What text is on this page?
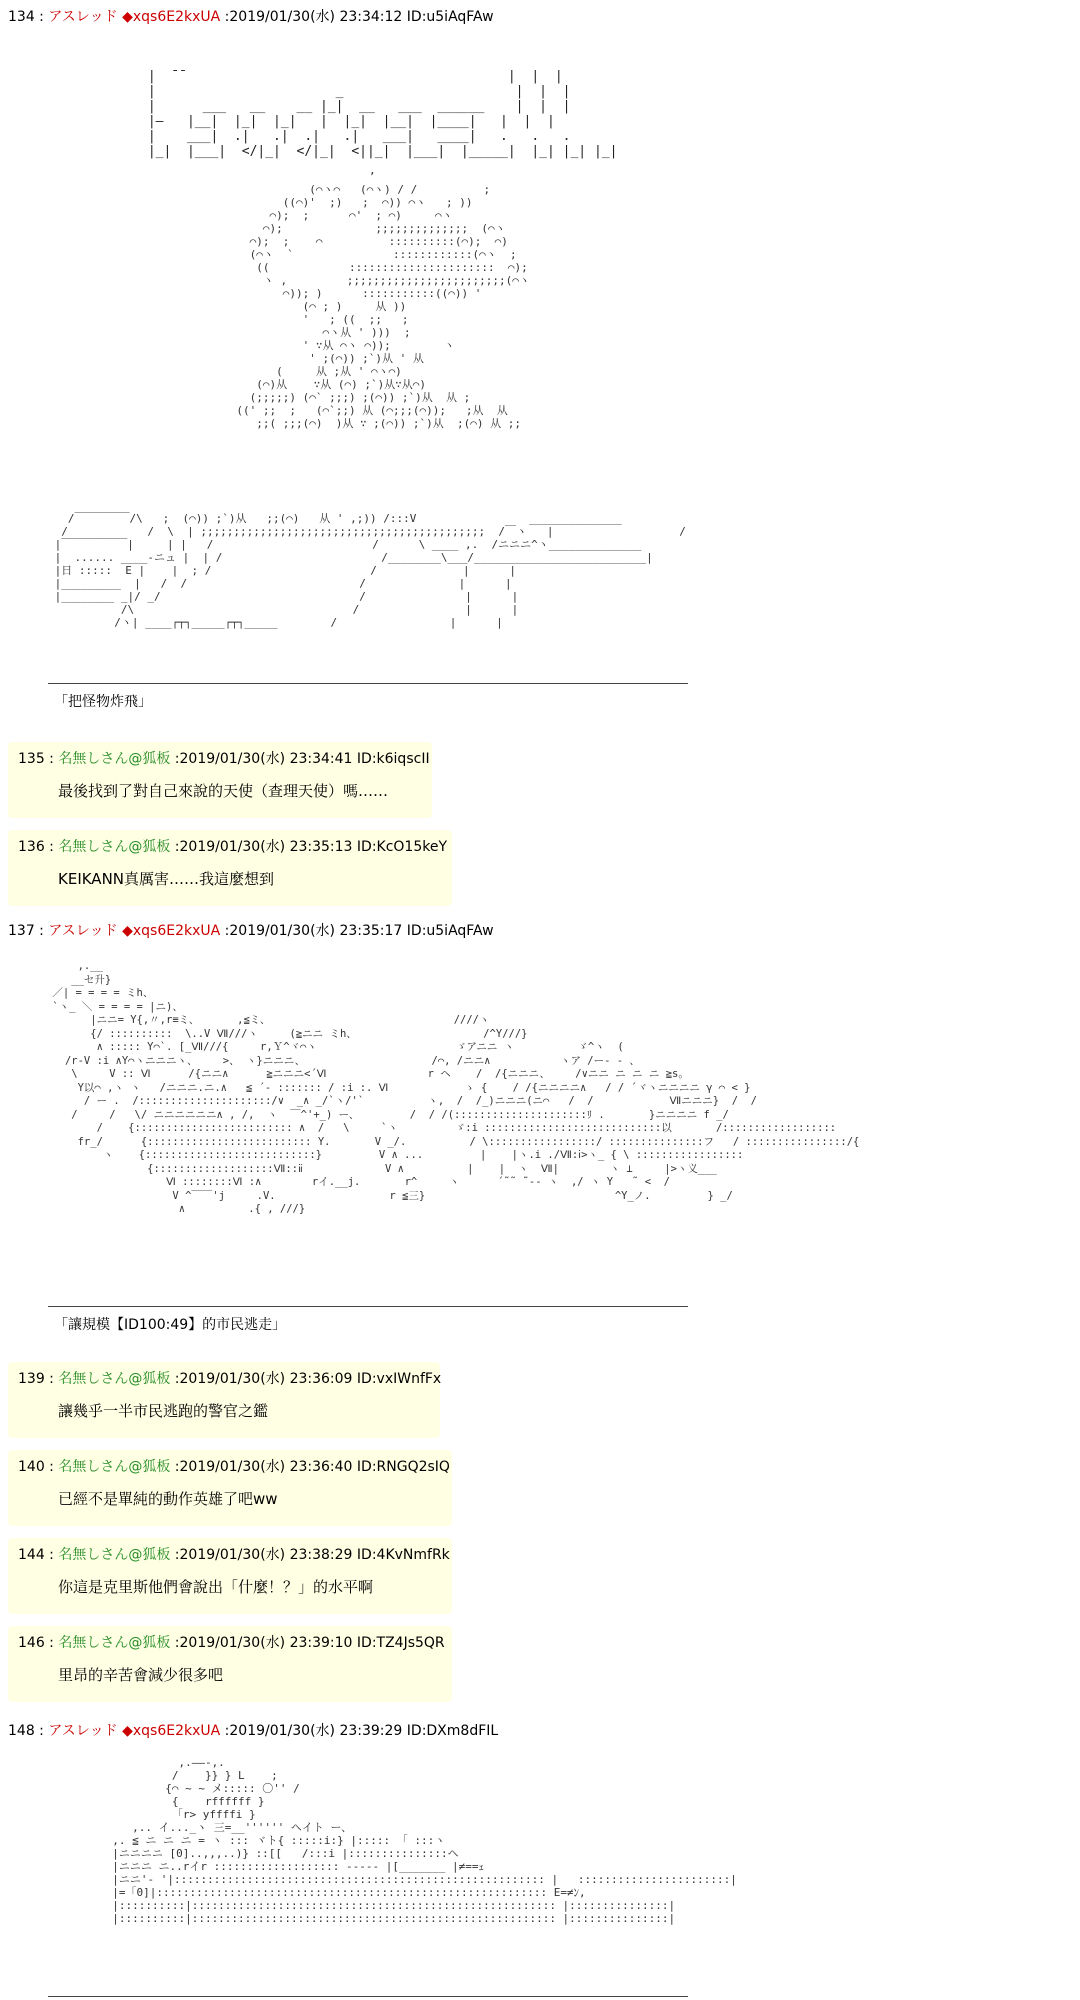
134 : アスレッド ◆xqs6E2kxUA :2019/01/30(水) 23:34:12 ID:u5iAqFAw
|  ̄ ̄                                          |  |  |
|                       _                      |  |  |
|      ___   __    __ |_|  __   ___  ______    |  |  |
|—   |__|  |_|  |_|   |  |_|  |__|  |____|   |  |  |
|    ___|  .|   .|  .|   .|   ___|   ____|   .   .   .
|_|  |___|  </|_|  </|_|  <||_|  |___|  |_____|  |_| |_| |_|
’
(⌒ヽ⌒   (⌒ヽ) / /          ;
((⌒)'  ;)   ;  ⌒)) ⌒ヽ   ; ))
⌒);  ;      ⌒'  ; ⌒)     ⌒ヽ
⌒);              ;;;;;;;;;;;;;;  (⌒ヽ
⌒);  ;    ⌒          ::::::::::(⌒);  ⌒)
(⌒ヽ  `               ::::::::::::(⌒ヽ  ;
((            ::::::::::::::::::::::  ⌒);
ヽ ,         ;;;;;;;;;;;;;;;;;;;;;;;;(⌒ヽ
⌒)); )      :::::::::::((⌒)) '
(⌒ ; )     从 ))
'   ; ((  ;;   ;
⌒ヽ从 ' )))  ;
' ∵从 ⌒ヽ ⌒));        ヽ
' ;(⌒)) ;`)从 ' 从
(     从 ;从 ' ⌒ヽ⌒)
(⌒)从    ∵从 (⌒) ;`)从∵从⌒)
(;;;;;) (⌒` ;;;) ;(⌒)) ;`)从  从 ;
((' ;;  ;   (⌒`;;) 从 (⌒;;;(⌒));   ;从  从
;;( ;;;(⌒)  )从 ∵ ;(⌒)) ;`)从  ;(⌒) 从 ;;
/￣￣￣￣￣/\   ;  (⌒)) ;`)从   ;;(⌒)   从 ' ,;)) /:::V                 ______________
/            /  \  | ;;;;;;;;;;;;;;;;;;;;;;;;;;;;;;;;;;;;;;;;;;;  /￣ヽ   |                   /
|￣￣￣￣￣￣|     | |   /                        /      \ ____ ,.  /ニニニ^ヽ______________
|  ...... ____‐ニュ |  | /                        /________\___/__________________________|
|日 :::::  E |    |  ; /                        /             |      |
|_________  |   /  /                          /              |      |
|________ _|/ _/                              /               |      |
/\                                 /                |      |
/ヽ| ____┌┬┐_____┌┬┐_____        /                 |      |
「把怪物炸飛」
135 : 名無しさん@狐板 :2019/01/30(水) 23:34:41 ID:k6iqscII
最後找到了對自己來說的天使（查理天使）嗎……
136 : 名無しさん@狐板 :2019/01/30(水) 23:35:13 ID:KcO15keY
KEIKANN真厲害……我這麼想到
137 : アスレッド ◆xqs6E2kxUA :2019/01/30(水) 23:35:17 ID:u5iAqFAw
,.__
__セ升}
／| = = = = ミh、
`ヽ_ ＼ = = = = |ニ)、
|ニニ= Y{,〃,r≡ミ、      ,≦ミ、                             ////ヽ
{/ ::::::::::  \..V Ⅶ///ヽ     (≧ニニ ミh、                    /^Y///}
∧ ::::: Y⌒`. [_Ⅶ///{     r,Ｙ^ヾ⌒ヽ                      ゞアニニ ヽ          ゞ^ヽ  (
/r-V :i ∧Y⌒ヽニニニヽ、    >、 ヽ}ニニニ、                    /⌒, /ニニ∧           ヽア /ー‐ ‐ 、
\     V :: Ⅵ      /{ニニ∧      ≧ニニニ<´Ⅵ                r ヘ    /  /{ニニニ、    /∨ニニ ニ ニ ニ ≧s。
Y以⌒ ,ヽ ヽ   /ニニニ.ニ.∧   ≦ ´‐ ::::::: / :i :. Ⅵ            ゝ {    / /{ニニニニ∧   / / ´ヾヽニニニニ γ ⌒ < }
/ ー .  /:::::::::::::::::::::/∨  _∧ _/`ヽ/'`          ヽ,  /  /_)ニニニ(ニ⌒   /  /            Ⅶニニニ}  /  /
/     /   \/ ニニニニニニ∧ , /,  ヽ  ￣^'+_) ー、        /  / /(:::::::::::::::::::::ﾘ .       }ニニニニ f _/
/    {::::::::::::::::::::::::: ∧  /   \     `ヽ         ゞ:i ::::::::::::::::::::::::::::以       /::::::::::::::::::
fr_/      {:::::::::::::::::::::::::: Y.       V _/.          / \:::::::::::::::::/ :::::::::::::::フ   / ::::::::::::::::/{
ヽ    {:::::::::::::::::::::::::::}         V ∧ ...         |    |ヽ.i ./Ⅶ:ⅰ>ヽ_ { \ :::::::::::::::::
{:::::::::::::::::::Ⅶ::ⅱ             V ∧          |    |  ヽ  Ⅶ|        ヽ ⊥     |>ヽ义___
Ⅵ ::::::::Ⅵ :∧        rイ.__j.       r^     ヽ      ´˜˜ ˜‐‐ ヽ  ,/ ヽ Y   ˜ <  /
V ^￣￣'j     .V.                  r ≦三}                              ^Y_ノ.         } _/
∧          .{ , ///}
「讓規模【ID100:49】的市民逃走」
139 : 名無しさん@狐板 :2019/01/30(水) 23:36:09 ID:vxIWnfFx
讓幾乎一半市民逃跑的警官之鑑
140 : 名無しさん@狐板 :2019/01/30(水) 23:36:40 ID:RNGQ2sIQ
已經不是單純的動作英雄了吧ww
144 : 名無しさん@狐板 :2019/01/30(水) 23:38:29 ID:4KvNmfRk
你這是克里斯他們會說出「什麼！？」的水平啊
146 : 名無しさん@狐板 :2019/01/30(水) 23:39:10 ID:TZ4Js5QR
里昂的辛苦會減少很多吧
148 : アスレッド ◆xqs6E2kxUA :2019/01/30(水) 23:39:29 ID:DXm8dFIL
,.――‐,.
/    }} } L    ;
{⌒ ~ ~ メ::::: 〇'' /
{    rffffff }
「r> yffffi }
,.. イ..._ヽ 三=__'''''' ヘイト ー、
,. ≦ ニ ニ ニ = ヽ ::: ヾト{ :::::i:} |::::: 「 :::ヽ
|ニニニニ [0]..,,,..)} ::[[   /:::i |:::::::::::::::ヘ
|ニニニ ニ..rイr ::::::::::::::::::: --‐‐‐ |[_______ |≠==ｪ
|ニニ'‐ '|:::::::::::::::::::::::::::::::::::::::::::::::::::::::: |   :::::::::::::::::::::::|
|=「0]|::::::::::::::::::::::::::::::::::::::::::::::::::::::::::: E=≠ﾝ,
|::::::::::|::::::::::::::::::::::::::::::::::::::::::::::::::::::: |:::::::::::::::|
|::::::::::|::::::::::::::::::::::::::::::::::::::::::::::::::::::: |:::::::::::::::|
